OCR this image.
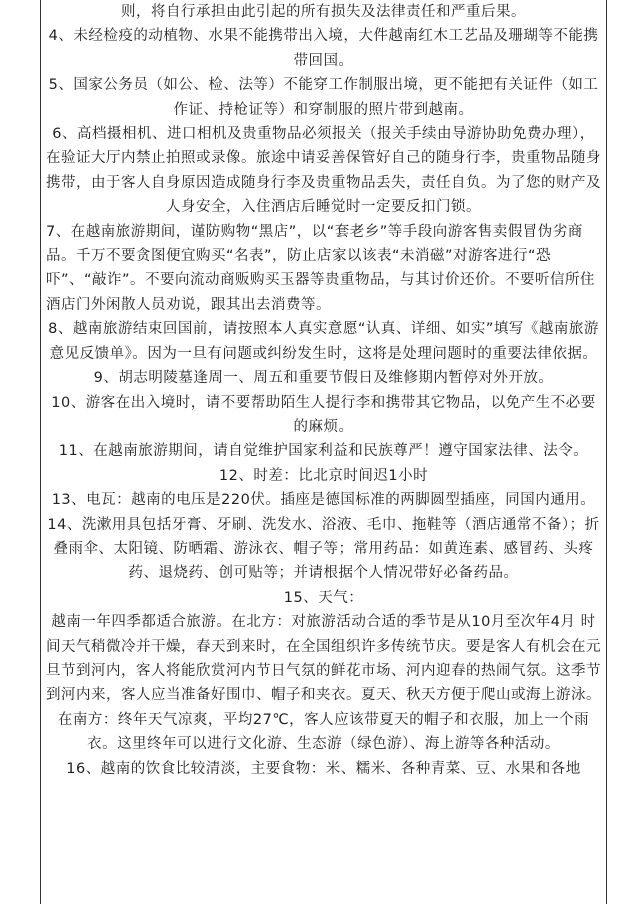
则，将自行承担由此引起的所有损失及法律责任和严重后果。

4、未经检疫的动植物、水果不能携带出入境，大件越南红木工艺品及珊瑚等不能携带回国。

5、国家公务员（如公、检、法等）不能穿工作制服出境，更不能把有关证件（如工作证、持枪证等）和穿制服的照片带到越南。

6、高档摄相机、进口相机及贵重物品必须报关（报关手续由导游协助免费办理），在验证大厅内禁止拍照或录像。旅途中请妥善保管好自己的随身行李，贵重物品随身携带，由于客人自身原因造成随身行李及贵重物品丢失，责任自负。为了您的财产及人身安全，入住酒店后睡觉时一定要反扣门锁。

7、在越南旅游期间，谨防购物“黑店”，以“套老乡”等手段向游客售卖假冒伪劣商品。千万不要贪图便宜购买“名表”，防止店家以该表“未消磁”对游客进行“恐吓”、“敲诈”。不要向流动商贩购买玉器等贵重物品，与其讨价还价。不要听信所住酒店门外闲散人员劝说，跟其出去消费等。

8、越南旅游结束回国前，请按照本人真实意愿“认真、详细、如实”填写《越南旅游意见反馈单》。因为一旦有问题或纠纷发生时，这将是处理问题时的重要法律依据。

9、胡志明陵墓逢周一、周五和重要节假日及维修期内暂停对外开放。

10、游客在出入境时，请不要帮助陌生人提行李和携带其它物品，以免产生不必要的麻烦。

11、在越南旅游期间，请自觉维护国家利益和民族尊严！遵守国家法律、法令。

12、时差：比北京时间迟1小时

13、电瓦：越南的电压是220伏。插座是德国标准的两脚圆型插座，同国内通用。

14、洗漱用具包括牙膏、牙刷、洗发水、浴液、毛巾、拖鞋等（酒店通常不备）；折叠雨伞、太阳镜、防晒霜、游泳衣、帽子等；常用药品：如黄连素、感冒药、头疼药、退烧药、创可贴等；并请根据个人情况带好必备药品。

15、天气：

越南一年四季都适合旅游。在北方：对旅游活动合适的季节是从10月至次年4月 时间天气稍微冷并干燥，春天到来时，在全国组织许多传统节庆。要是客人有机会在元旦节到河内，客人将能欣赏河内节日气氛的鲜花市场、河内迎春的热闹气氛。这季节到河内来，客人应当准备好围巾、帽子和夹衣。夏天、秋天方便于爬山或海上游泳。在南方：终年天气凉爽，平均27℃，客人应该带夏天的帽子和衣服，加上一个雨衣。这里终年可以进行文化游、生态游（绿色游）、海上游等各种活动。

16、越南的饮食比较清淡，主要食物：米、糯米、各种青菜、豆、水果和各地
